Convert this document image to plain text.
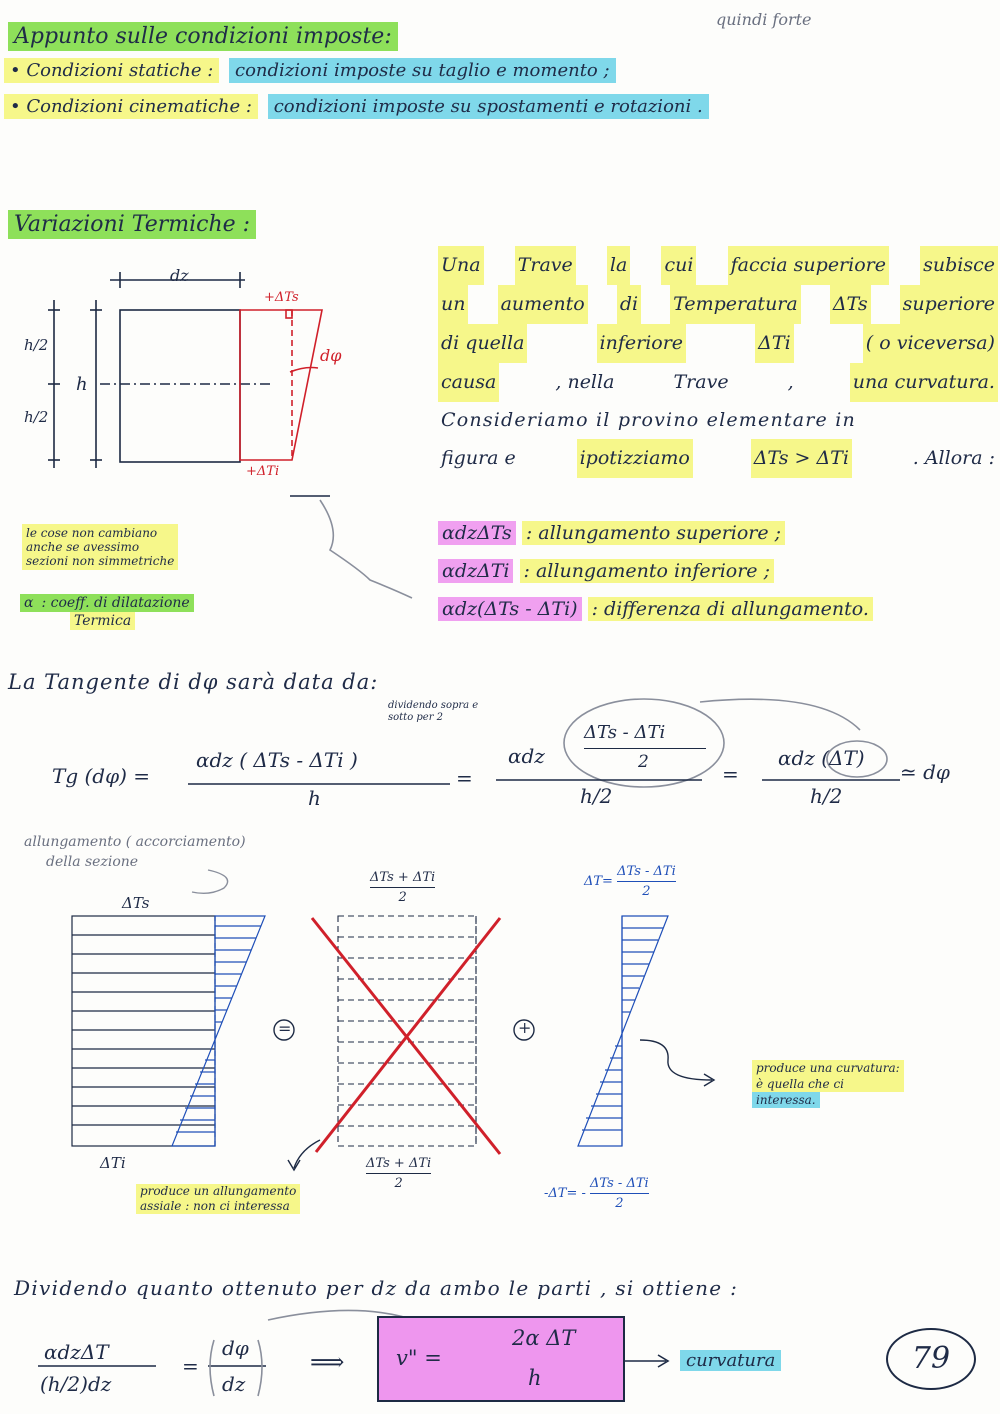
Appunto sulle condizioni imposte:
quindi forte
• Condizioni statiche : condizioni imposte su taglio e momento ;
• Condizioni cinematiche : condizioni imposte su spostamenti e rotazioni .
Variazioni Termiche :
dz
h
h/2
h/2
+ΔTs
+ΔTi
dφ
Una Trave la cui faccia superiore subisce
un aumento di Temperatura ΔTs superiore
di quella	inferiore	ΔTi	( o viceversa)
causa	, nella	Trave	,	una curvatura.
Consideriamo il provino elementare in
figura e	ipotizziamo	ΔTs > ΔTi	. Allora :
le cose non cambiano
anche se avessimo
sezioni non simmetriche
α : coeff. di dilatazione
Termica
αdzΔTs : allungamento superiore ;
αdzΔTi : allungamento inferiore ;
αdz(ΔTs - ΔTi) : differenza di allungamento.
La Tangente di dφ sarà data da:
Tg (dφ) =
αdz ( ΔTs - ΔTi )
h
dividendo sopra e
sotto per 2
=
αdz
ΔTs - ΔTi
2
h/2
=
αdz (ΔT)
h/2
≃ dφ
allungamento ( accorciamento)
della sezione
ΔTs
ΔTi
=	+
ΔTs + ΔTi
2
ΔTs + ΔTi
2
ΔT=
ΔTs - ΔTi
2
-ΔT= -
ΔTs - ΔTi
2
produce un allungamento
assiale : non ci interessa
produce una curvatura:
è quella che ci
interessa.
Dividendo quanto ottenuto per dz da ambo le parti , si ottiene :
αdzΔT
(h/2)dz
=
dφ
dz
⟹ v" =
2α ΔT
h
curvatura	79
